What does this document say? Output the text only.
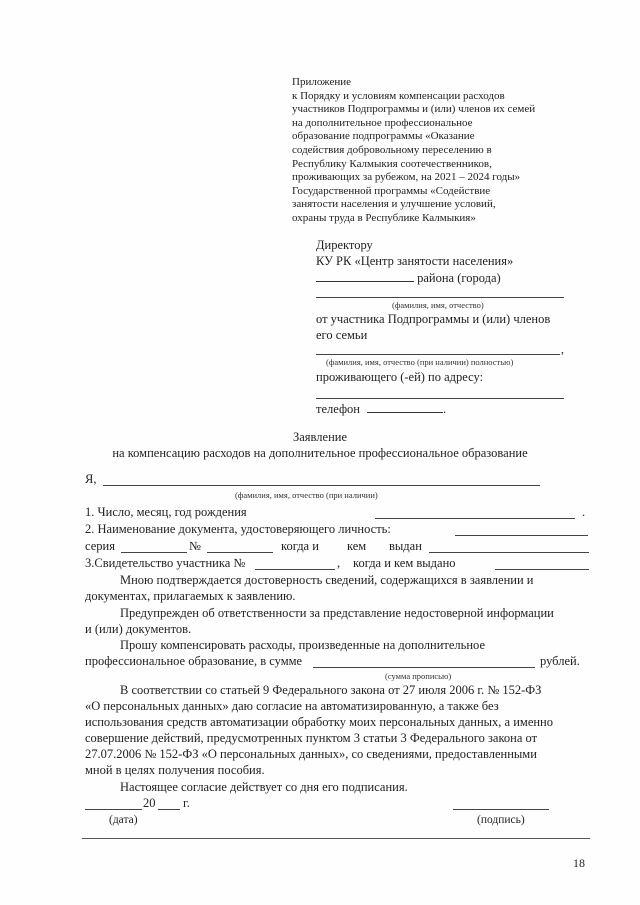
Приложение
к Порядку и условиям компенсации расходов
участников Подпрограммы и (или) членов их семей
на дополнительное профессиональное
образование подпрограммы «Оказание
содействия добровольному переселению в
Республику Калмыкия соотечественников,
проживающих за рубежом, на 2021 – 2024 годы»
Государственной программы «Содействие
занятости населения и улучшение условий,
охраны труда в Республике Калмыкия»
Директору
КУ РК «Центр занятости населения»
района (города)
(фамилия, имя, отчество)
от участника Подпрограммы и (или) членов
его семьи
,
(фамилия, имя, отчество (при наличии) полностью)
проживающего (-ей) по адресу:
телефон	.
Заявление
на компенсацию расходов на дополнительное профессиональное образование
Я,
(фамилия, имя, отчество (при наличии)
1. Число, месяц, год рождения	.
2. Наименование документа, удостоверяющего личность:
серия	№	когда и кем выдан
3.Свидетельство участника №	, когда и кем выдано
Мною подтверждается достоверность сведений, содержащихся в заявлении и
документах, прилагаемых к заявлению.
Предупрежден об ответственности за представление недостоверной информации
и (или) документов.
Прошу компенсировать расходы, произведенные на дополнительное
профессиональное образование, в сумме	рублей.
(сумма прописью)
В соответствии со статьей 9 Федерального закона от 27 июля 2006 г. № 152-ФЗ
«О персональных данных» даю согласие на автоматизированную, а также без
использования средств автоматизации обработку моих персональных данных, а именно
совершение действий, предусмотренных пунктом 3 статьи 3 Федерального закона от
27.07.2006 № 152-ФЗ «О персональных данных», со сведениями, предоставленными
мной в целях получения пособия.
Настоящее согласие действует со дня его подписания.
20 г.
(дата)	(подпись)
18
